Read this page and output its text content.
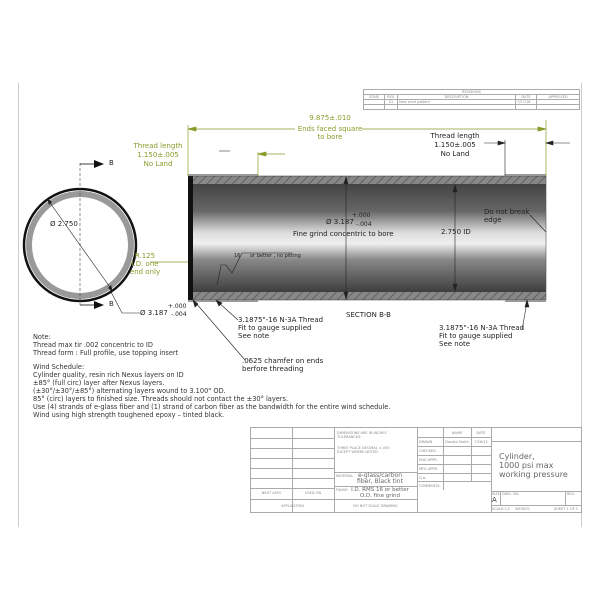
REVISIONS				
ZONE	REV.	DESCRIPTION	DATE	APPROVED
	01	New wind pattern	7/27/16	

B
B
Ø 2.750
Ø 3.187
+.000
-.004
9.875±.010
Ends faced square
to bore
Thread length
1.150±.005
No Land
Thread length
1.150±.005
No Land
Ø 3.187
+.000
-.004
Fine grind concentric to bore	2.750 ID
Do not break
edge
16 or better , no pitting
R.125
I.D. one
end only
SECTION B-B
3.1875"-16 N-3A Thread
Fit to gauge supplied
See note
.0625 chamfer on ends
berfore threading
3.1875"-16 N-3A Thread
Fit to gauge supplied
See note
Note:
Thread max tir .002 concentric to ID
Thread form : Full profile, use topping insert
Wind Schedule:
Cylinder quality, resin rich Nexus layers on ID
±85° (full circ) layer after Nexus layers.
(±30°/±30°/±85°) alternating layers wound to 3.100" OD.
85° (circ) layers to finished size. Threads should not contact the ±30° layers.
Use (4) strands of e-glass fiber and (1) strand of carbon fiber as the bandwidth for the entire wind schedule.
Wind using high strength toughened epoxy – tinted black.
NEXT ASSY	USED ON
APPLICATION
DIMENSIONS ARE IN INCHES
TOLERANCES:
THREE PLACE DECIMAL ±.005
EXCEPT WHERE NOTED
MATERIAL e-glass/carbon
fiber, Black tint
FINISH I.D. RMS 16 or better
O.D. fine grind
DO NOT SCALE DRAWING
NAME	DATE
DRAWN
CHECKED
ENG APPR.
MFG APPR.
Q.A.
COMMENTS:
Donald Smith	7/26/12
Cylinder,
1000 psi max
working pressure
SIZE
A
DWG. NO.	REV.
SCALE:1:2 WEIGHT:	SHEET 1 OF 1
